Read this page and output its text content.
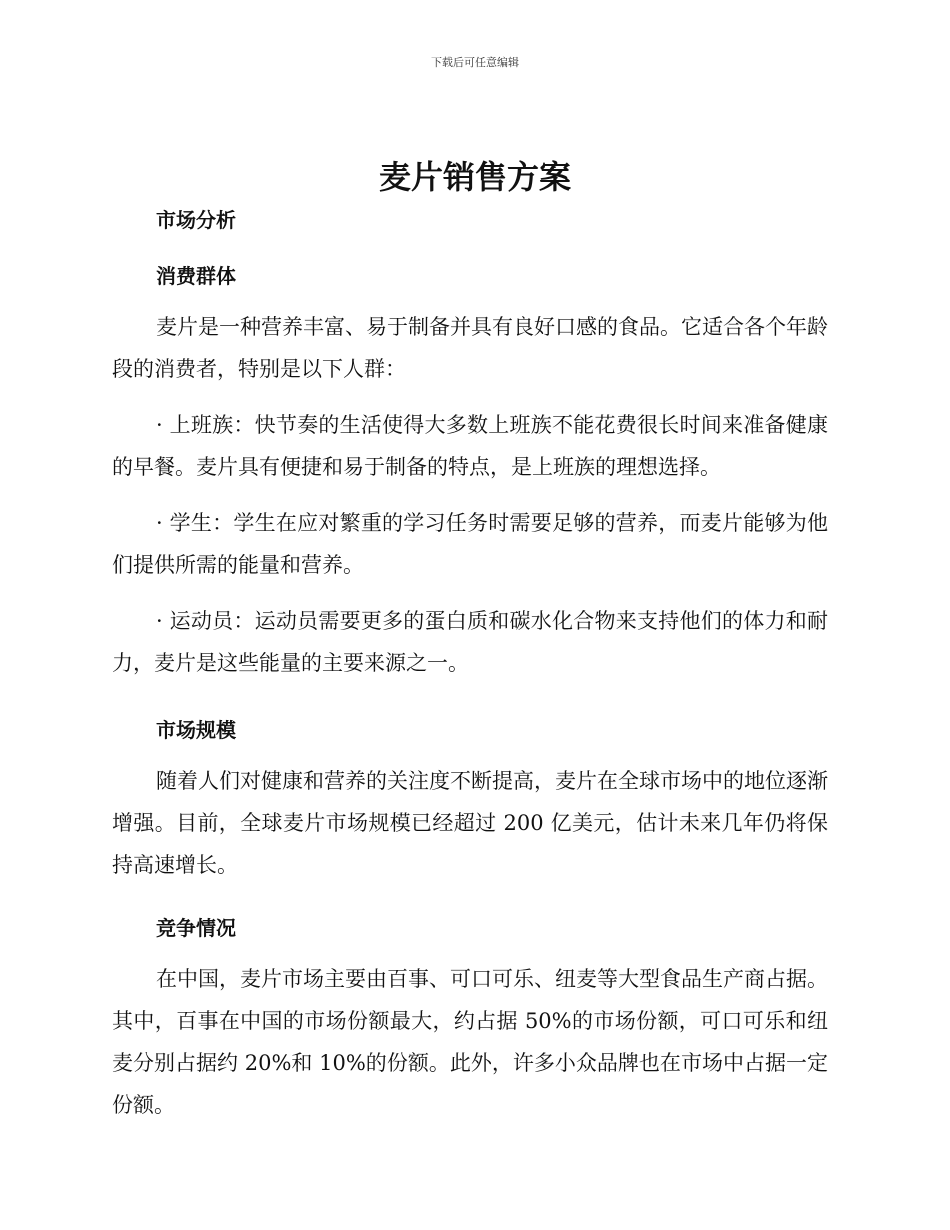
下载后可任意编辑
麦片销售方案
市场分析
消费群体

麦片是一种营养丰富、易于制备并具有良好口感的食品。它适合各个年龄段的消费者，特别是以下人群：

· 上班族：快节奏的生活使得大多数上班族不能花费很长时间来准备健康的早餐。麦片具有便捷和易于制备的特点，是上班族的理想选择。

· 学生：学生在应对繁重的学习任务时需要足够的营养，而麦片能够为他们提供所需的能量和营养。

· 运动员：运动员需要更多的蛋白质和碳水化合物来支持他们的体力和耐力，麦片是这些能量的主要来源之一。

市场规模

随着人们对健康和营养的关注度不断提高，麦片在全球市场中的地位逐渐增强。目前，全球麦片市场规模已经超过 200 亿美元，估计未来几年仍将保持高速增长。

竞争情况

在中国，麦片市场主要由百事、可口可乐、纽麦等大型食品生产商占据。其中，百事在中国的市场份额最大，约占据 50%的市场份额，可口可乐和纽麦分别占据约 20%和 10%的份额。此外，许多小众品牌也在市场中占据一定份额。
